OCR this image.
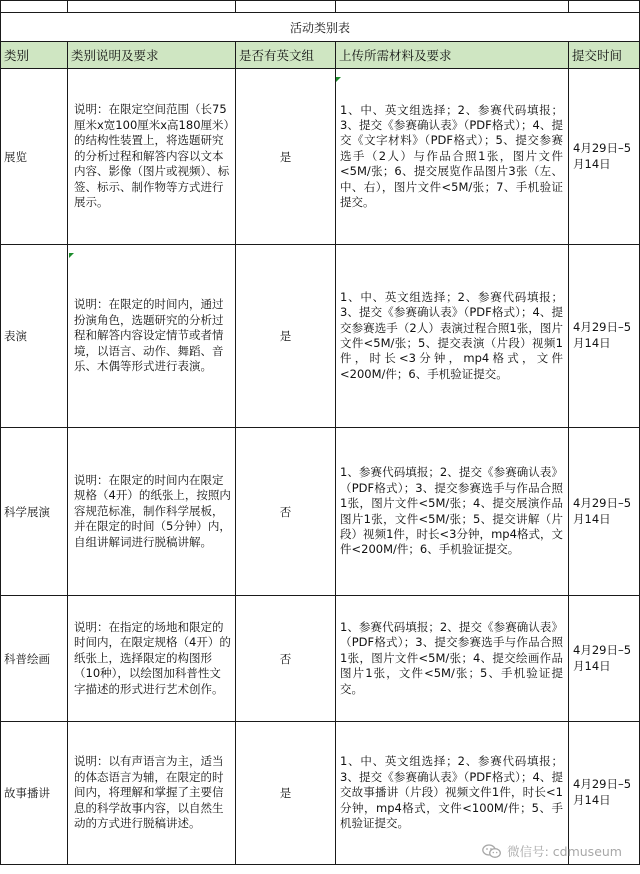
活动类别表				
类别	类别说明及要求	是否有英文组	上传所需材料及要求	提交时间
展览	说明：在限定空间范围（长75厘米x宽100厘米x高180厘米）的结构性装置上，将选题研究的分析过程和解答内容以文本内容、影像（图片或视频）、标签、标示、制作物等方式进行展示。	是	1、中、英文组选择；2、参赛代码填报；3、提交《参赛确认表》（PDF格式）；4、提交《文字材料》（PDF格式）；5、提交参赛选手（2人）与作品合照1张，图片文件<5M/张；6、提交展览作品图片3张（左、中、右），图片文件<5M/张；7、手机验证提交。	4月29日–5月14日
表演	说明：在限定的时间内，通过扮演角色，选题研究的分析过程和解答内容设定情节或者情境，以语言、动作、舞蹈、音乐、木偶等形式进行表演。	是	1、中、英文组选择；2、参赛代码填报；3、提交《参赛确认表》（PDF格式）；4、提交参赛选手（2人）表演过程合照1张，图片文件<5M/张；5、提交表演（片段）视频1件，时长<3分钟，mp4格式，文件<200M/件；6、手机验证提交。	4月29日–5月14日
科学展演	说明：在限定的时间内在限定规格（4开）的纸张上，按照内容规范标准，制作科学展板，并在限定的时间（5分钟）内，自组讲解词进行脱稿讲解。	否	1、参赛代码填报；2、提交《参赛确认表》（PDF格式）；3、提交参赛选手与作品合照1张，图片文件<5M/张；4、提交展演作品图片1张，文件<5M/张；5、提交讲解（片段）视频1件，时长<3分钟，mp4格式，文件<200M/件；6、手机验证提交。	4月29日–5月14日
科普绘画	说明：在指定的场地和限定的时间内，在限定规格（4开）的纸张上，选择限定的构图形（10种），以绘图加科普性文字描述的形式进行艺术创作。	否	1、参赛代码填报；2、提交《参赛确认表》（PDF格式）；3、提交参赛选手与作品合照1张，图片文件<5M/张；4、提交绘画作品图片1张，文件<5M/张；5、手机验证提交。	4月29日–5月14日
故事播讲	说明：以有声语言为主，适当的体态语言为辅，在限定的时间内，将理解和掌握了主要信息的科学故事内容，以自然生动的方式进行脱稿讲述。	是	1、中、英文组选择；2、参赛代码填报；3、提交《参赛确认表》（PDF格式）；4、提交故事播讲（片段）视频文件1件，时长<1分钟，mp4格式，文件<100M/件；5、手机验证提交。	4月29日–5月14日
微信号: cdmuseum
